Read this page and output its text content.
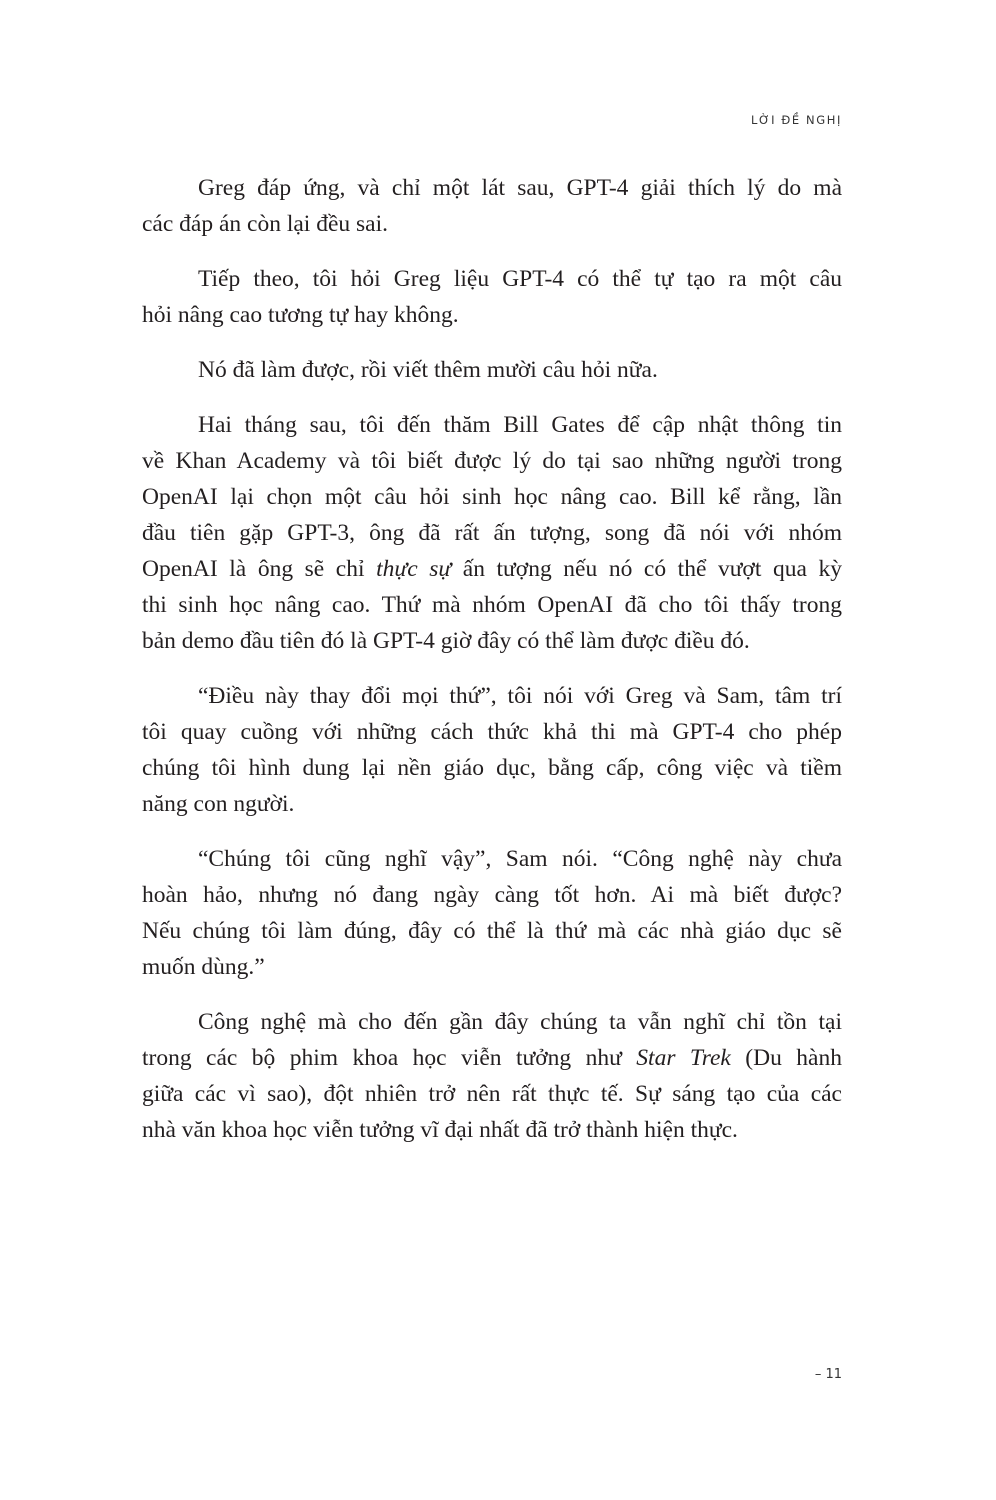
LỜI ĐỀ NGHỊ
Greg đáp ứng, và chỉ một lát sau, GPT-4 giải thích lý do mà
các đáp án còn lại đều sai.
Tiếp theo, tôi hỏi Greg liệu GPT-4 có thể tự tạo ra một câu
hỏi nâng cao tương tự hay không.
Nó đã làm được, rồi viết thêm mười câu hỏi nữa.
Hai tháng sau, tôi đến thăm Bill Gates để cập nhật thông tin
về Khan Academy và tôi biết được lý do tại sao những người trong
OpenAI lại chọn một câu hỏi sinh học nâng cao. Bill kể rằng, lần
đầu tiên gặp GPT-3, ông đã rất ấn tượng, song đã nói với nhóm
OpenAI là ông sẽ chỉ thực sự ấn tượng nếu nó có thể vượt qua kỳ
thi sinh học nâng cao. Thứ mà nhóm OpenAI đã cho tôi thấy trong
bản demo đầu tiên đó là GPT-4 giờ đây có thể làm được điều đó.
“Điều này thay đổi mọi thứ”, tôi nói với Greg và Sam, tâm trí
tôi quay cuồng với những cách thức khả thi mà GPT-4 cho phép
chúng tôi hình dung lại nền giáo dục, bằng cấp, công việc và tiềm
năng con người.
“Chúng tôi cũng nghĩ vậy”, Sam nói. “Công nghệ này chưa
hoàn hảo, nhưng nó đang ngày càng tốt hơn. Ai mà biết được?
Nếu chúng tôi làm đúng, đây có thể là thứ mà các nhà giáo dục sẽ
muốn dùng.”
Công nghệ mà cho đến gần đây chúng ta vẫn nghĩ chỉ tồn tại
trong các bộ phim khoa học viễn tưởng như Star Trek (Du hành
giữa các vì sao), đột nhiên trở nên rất thực tế. Sự sáng tạo của các
nhà văn khoa học viễn tưởng vĩ đại nhất đã trở thành hiện thực.
– 11
